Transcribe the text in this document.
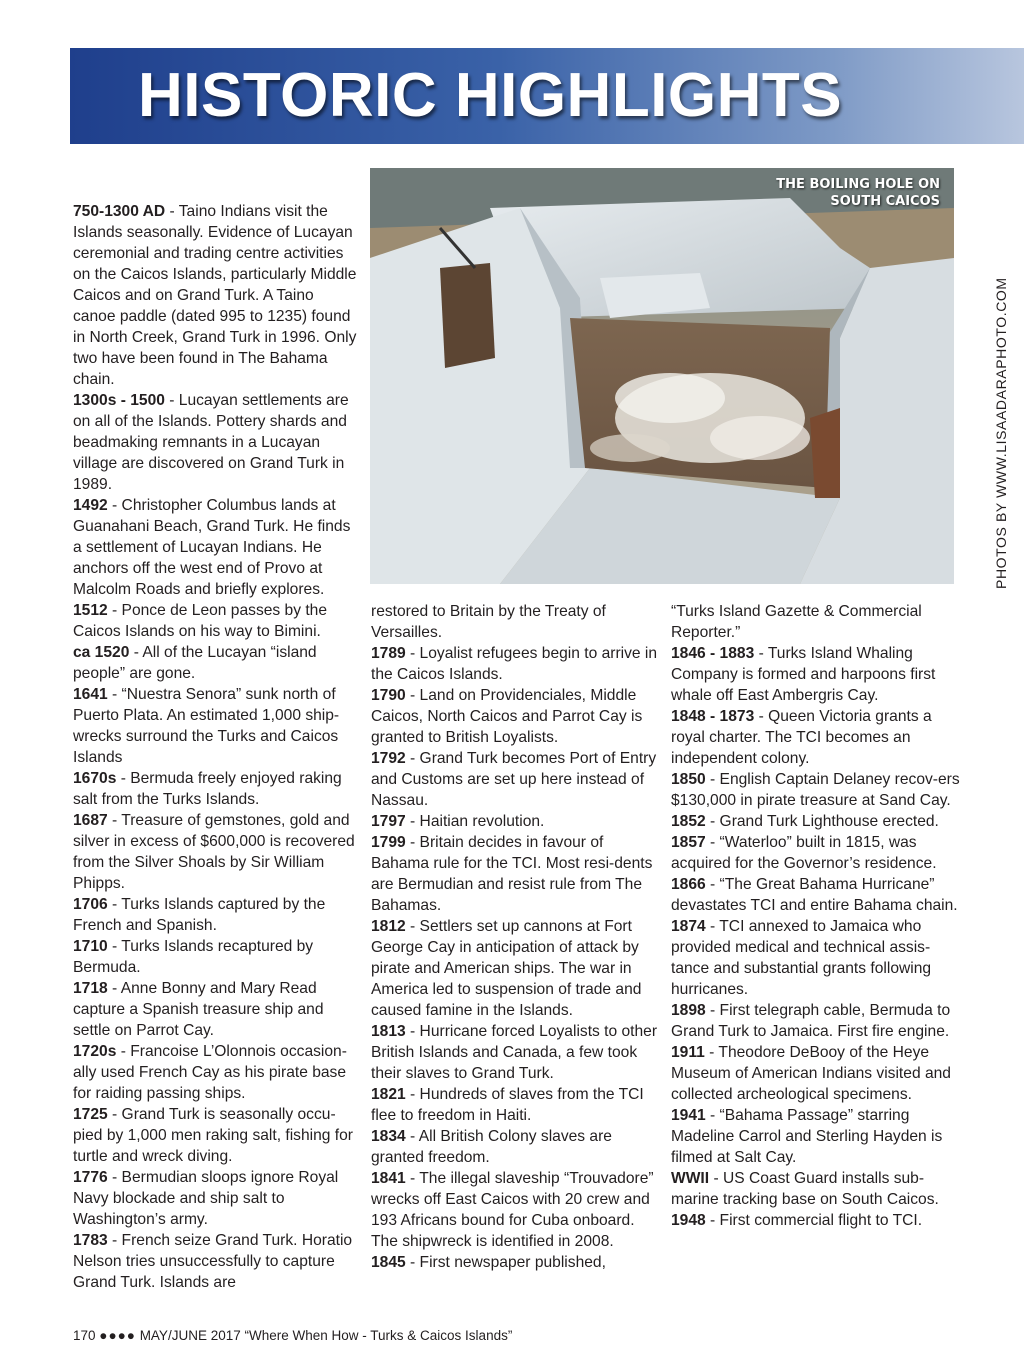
HISTORIC HIGHLIGHTS

750-1300 AD - Taino Indians visit the Islands seasonally. Evidence of Lucayan ceremonial and trading centre activities on the Caicos Islands, particularly Middle Caicos and on Grand Turk. A Taino canoe paddle (dated 995 to 1235) found in North Creek, Grand Turk in 1996. Only two have been found in The Bahama chain.

1300s - 1500 - Lucayan settlements are on all of the Islands. Pottery shards and beadmaking remnants in a Lucayan village are discovered on Grand Turk in 1989.

1492 - Christopher Columbus lands at Guanahani Beach, Grand Turk. He finds a settlement of Lucayan Indians. He anchors off the west end of Provo at Malcolm Roads and briefly explores.

1512 - Ponce de Leon passes by the Caicos Islands on his way to Bimini.

ca 1520 - All of the Lucayan “island people” are gone.

1641 - “Nuestra Senora” sunk north of Puerto Plata. An estimated 1,000 ship-wrecks surround the Turks and Caicos Islands

1670s - Bermuda freely enjoyed raking salt from the Turks Islands.

1687 - Treasure of gemstones, gold and silver in excess of $600,000 is recovered from the Silver Shoals by Sir William Phipps.

1706 - Turks Islands captured by the French and Spanish.

1710 - Turks Islands recaptured by Bermuda.

1718 - Anne Bonny and Mary Read capture a Spanish treasure ship and settle on Parrot Cay.

1720s - Francoise L’Olonnois occasion-ally used French Cay as his pirate base for raiding passing ships.

1725 - Grand Turk is seasonally occu-pied by 1,000 men raking salt, fishing for turtle and wreck diving.

1776 - Bermudian sloops ignore Royal Navy blockade and ship salt to Washington’s army.

1783 - French seize Grand Turk. Horatio Nelson tries unsuccessfully to capture Grand Turk. Islands are

THE BOILING HOLE ON
SOUTH CAICOS
PHOTOS BY WWW.LISAADARAPHOTO.COM

restored to Britain by the Treaty of Versailles.

1789 - Loyalist refugees begin to arrive in the Caicos Islands.

1790 - Land on Providenciales, Middle Caicos, North Caicos and Parrot Cay is granted to British Loyalists.

1792 - Grand Turk becomes Port of Entry and Customs are set up here instead of Nassau.

1797 - Haitian revolution.

1799 - Britain decides in favour of Bahama rule for the TCI. Most resi-dents are Bermudian and resist rule from The Bahamas.

1812 - Settlers set up cannons at Fort George Cay in anticipation of attack by pirate and American ships. The war in America led to suspension of trade and caused famine in the Islands.

1813 - Hurricane forced Loyalists to other British Islands and Canada, a few took their slaves to Grand Turk.

1821 - Hundreds of slaves from the TCI flee to freedom in Haiti.

1834 - All British Colony slaves are granted freedom.

1841 - The illegal slaveship “Trouvadore” wrecks off East Caicos with 20 crew and 193 Africans bound for Cuba onboard. The shipwreck is identified in 2008.

1845 - First newspaper published,

“Turks Island Gazette & Commercial Reporter.”

1846 - 1883 - Turks Island Whaling Company is formed and harpoons first whale off East Ambergris Cay.

1848 - 1873 - Queen Victoria grants a royal charter. The TCI becomes an independent colony.

1850 - English Captain Delaney recov-ers $130,000 in pirate treasure at Sand Cay.

1852 - Grand Turk Lighthouse erected.

1857 - “Waterloo” built in 1815, was acquired for the Governor’s residence.

1866 - “The Great Bahama Hurricane” devastates TCI and entire Bahama chain.

1874 - TCI annexed to Jamaica who provided medical and technical assis-tance and substantial grants following hurricanes.

1898 - First telegraph cable, Bermuda to Grand Turk to Jamaica. First fire engine.

1911 - Theodore DeBooy of the Heye Museum of American Indians visited and collected archeological specimens.

1941 - “Bahama Passage” starring Madeline Carrol and Sterling Hayden is filmed at Salt Cay.

WWII - US Coast Guard installs sub-marine tracking base on South Caicos.

1948 - First commercial flight to TCI.

170 ●●●● MAY/JUNE 2017 “Where When How - Turks & Caicos Islands”
